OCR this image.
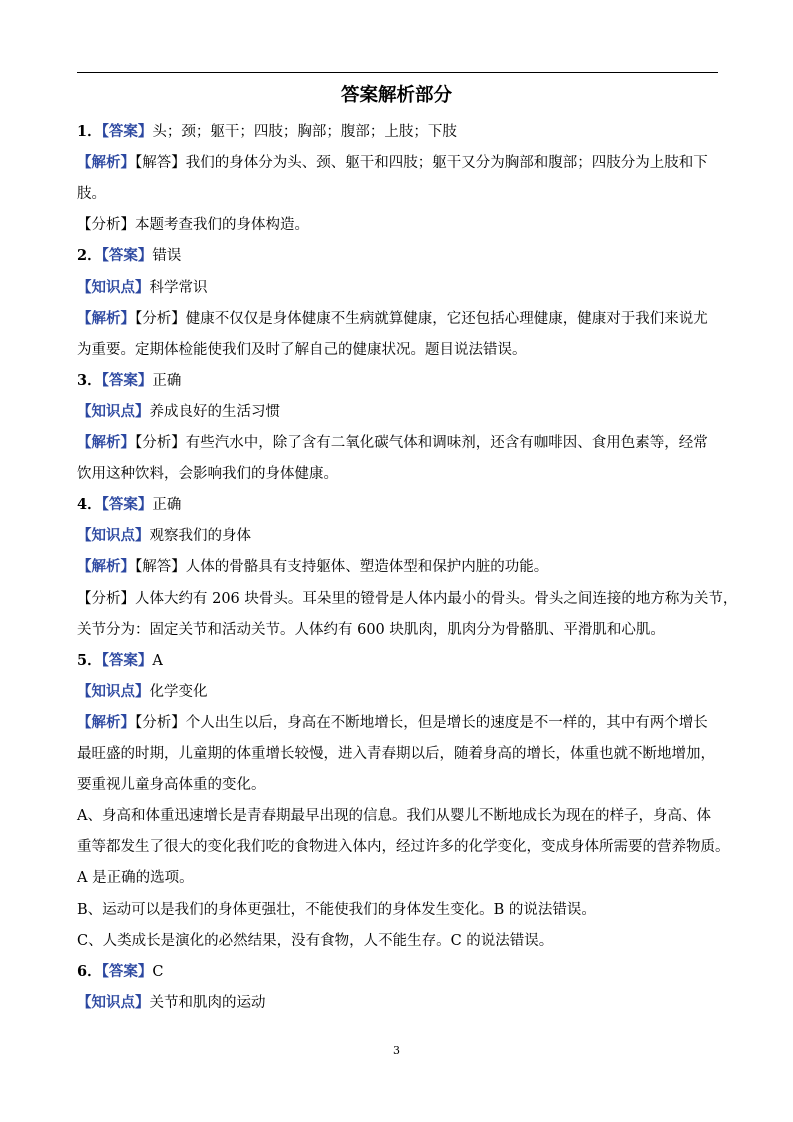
答案解析部分
1．【答案】头；颈；躯干；四肢；胸部；腹部；上肢；下肢
【解析】【解答】我们的身体分为头、颈、躯干和四肢；躯干又分为胸部和腹部；四肢分为上肢和下
肢。
【分析】本题考查我们的身体构造。
2．【答案】错误
【知识点】科学常识
【解析】【分析】健康不仅仅是身体健康不生病就算健康，它还包括心理健康，健康对于我们来说尤
为重要。定期体检能使我们及时了解自己的健康状况。题目说法错误。
3．【答案】正确
【知识点】养成良好的生活习惯
【解析】【分析】有些汽水中，除了含有二氧化碳气体和调味剂，还含有咖啡因、食用色素等，经常
饮用这种饮料，会影响我们的身体健康。
4．【答案】正确
【知识点】观察我们的身体
【解析】【解答】人体的骨骼具有支持躯体、塑造体型和保护内脏的功能。
【分析】人体大约有 206 块骨头。耳朵里的镫骨是人体内最小的骨头。骨头之间连接的地方称为关节，
关节分为：固定关节和活动关节。人体约有 600 块肌肉，肌肉分为骨骼肌、平滑肌和心肌。
5．【答案】A
【知识点】化学变化
【解析】【分析】个人出生以后，身高在不断地增长，但是增长的速度是不一样的，其中有两个增长
最旺盛的时期，儿童期的体重增长较慢，进入青春期以后，随着身高的增长，体重也就不断地增加，
要重视儿童身高体重的变化。
A、身高和体重迅速增长是青春期最早出现的信息。我们从婴儿不断地成长为现在的样子，身高、体
重等都发生了很大的变化我们吃的食物进入体内，经过许多的化学变化，变成身体所需要的营养物质。
A 是正确的选项。
B、运动可以是我们的身体更强壮，不能使我们的身体发生变化。B 的说法错误。
C、人类成长是演化的必然结果，没有食物，人不能生存。C 的说法错误。
6．【答案】C
【知识点】关节和肌肉的运动
3
